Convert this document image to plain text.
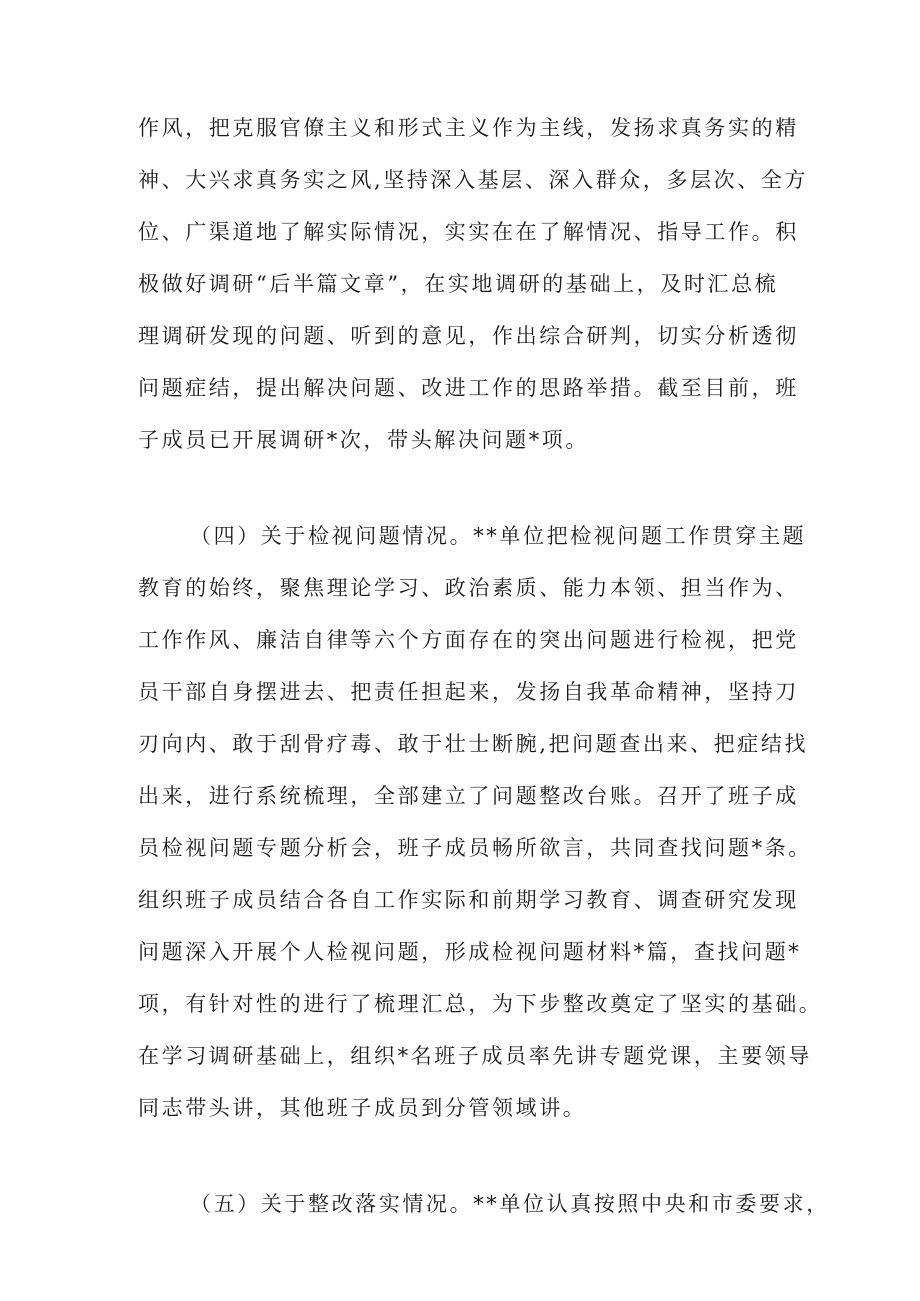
作风，把克服官僚主义和形式主义作为主线，发扬求真务实的精
神、大兴求真务实之风,坚持深入基层、深入群众，多层次、全方
位、广渠道地了解实际情况，实实在在了解情况、指导工作。积
极做好调研“后半篇文章”，在实地调研的基础上，及时汇总梳
理调研发现的问题、听到的意见，作出综合研判，切实分析透彻
问题症结，提出解决问题、改进工作的思路举措。截至目前，班
子成员已开展调研*次，带头解决问题*项。
（四）关于检视问题情况。**单位把检视问题工作贯穿主题
教育的始终，聚焦理论学习、政治素质、能力本领、担当作为、
工作作风、廉洁自律等六个方面存在的突出问题进行检视，把党
员干部自身摆进去、把责任担起来，发扬自我革命精神，坚持刀
刃向内、敢于刮骨疗毒、敢于壮士断腕,把问题查出来、把症结找
出来，进行系统梳理，全部建立了问题整改台账。召开了班子成
员检视问题专题分析会，班子成员畅所欲言，共同查找问题*条。
组织班子成员结合各自工作实际和前期学习教育、调查研究发现
问题深入开展个人检视问题，形成检视问题材料*篇，查找问题*
项，有针对性的进行了梳理汇总，为下步整改奠定了坚实的基础。
在学习调研基础上，组织*名班子成员率先讲专题党课，主要领导
同志带头讲，其他班子成员到分管领域讲。
（五）关于整改落实情况。**单位认真按照中央和市委要求，
